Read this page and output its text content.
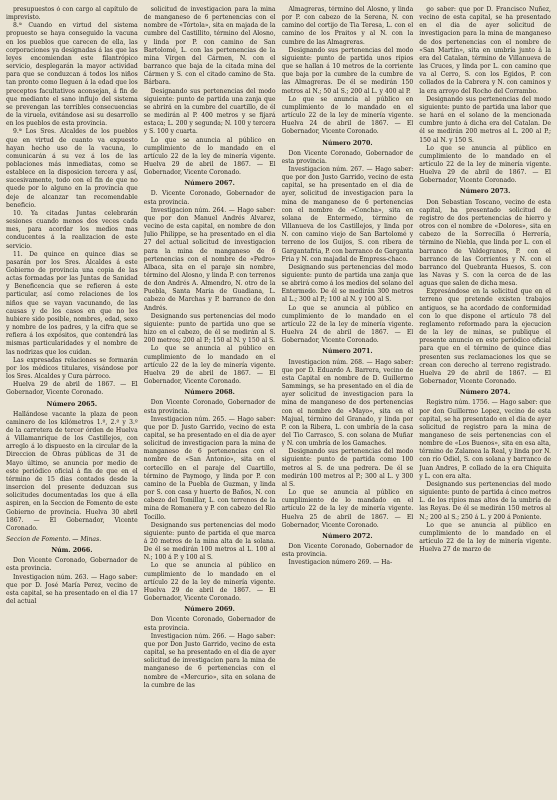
presupuestos ó con cargo al capítulo de imprevisto.

8.ª Cuando en virtud del sistema propuesto se haya conseguido la vacuna en los pueblos que carecen de ella, las corporaciones ya designadas á las que las leyes encomiendan este filantrópico servicio, desplegarán la mayor actividad para que se conduzcan á todos los niños tan pronto como lleguen á la edad que los preceptos facultativos aconsejan, á fin de que mediante el sano influjo del sistema se prevengan las terribles consecuencias de la viruela, evitándose asi su desarrollo en los pueblos de esta provincia.

9.ª Los Sres. Alcaldes de los pueblos que en virtud de cuanto va expuesto hayan hecho uso de la vacuna, lo comunicarán á su vez á los de las poblaciones más inmediatas, como se establece en la disposicion tercera y así, sucesivamente, todo con el fin de que no quede por lo alguno en la provincia que deje de alcanzar tan recomendable beneficio.

10. Ya citadas Juntas celebrarán sesiones cuando menos dos veces cada mes, para acordar los medios mas conducentes á la realizacion de este servicio.

11. De quince en quince dias se pasarán por los Sres. Alcaldes á este Gobierno de provincia una copia de las actas formadas por las Juntas de Sanidad y Beneficencia que se refieren á este particular, así como relaciones de los niños que se vayan vacunando, de las causas y de los casos en que no les hubiere sido posible, nombres, edad, sexo y nombre de los padres, y la cifra que se refiera á los expósitos, que contendrá las mismas particularidades y el nombre de las nodrizas que los cuidan.

Las expresadas relaciones se formarán por los médicos titulares, visándose por los Sres. Alcaldes y Cura párroco.

Huelva 29 de abril de 1867. — El Gobernador, Vicente Coronado.

Número 2065.

Hallándose vacante la plaza de peon caminero de los kilómetros 1.º, 2.º y 3.º de la carretera de tercer órden de Huelva á Villamanrique de los Castillejos, con arreglo á lo dispuesto en la circular de la Direccion de Obras públicas de 31 de Mayo último, se anuncia por medio de este periódico oficial á fin de que en el término de 15 dias contados desde la insercion del presente deduzcan sus solicitudes documentadas los que á ella aspiren, en la Seccion de Fomento de este Gobierno de provincia. Huelva 30 abril 1867. — El Gobernador, Vicente Coronado.

Seccion de Fomento. — Minas.

Núm. 2066.

Don Vicente Coronado, Gobernador de esta provincia.

Investigacion núm. 263. — Hago saber: que por D. José María Perez, vecino de esta capital, se ha presentado en el dia 17 del actual

solicitud de investigacion para la mina de manganeso de 6 pertenencias con el nombre de «Tórtola», sita en majada de la cumbre del Castillito, término del Alosno, y linda por P. con camino de San Bartolomé, L. con las pertenencias de la mina Vírgen del Cármen, N. con el barranco que baja de la citada mina del Cármen y S. con el citado camino de Sta. Bárbara.

Designando sus pertenencias del modo siguiente: punto de partida una zanja que se abrirá en la cumbre del cuartillo, de él se medirán al P. 400 metros y se fijará estaca; L. 200 y segunda; N. 100 y tercera y S. 100 y cuarta.

Lo que se anuncia al público en cumplimiento de lo mandado en el artículo 22 de la ley de minería vigente. Huelva 29 de abril de 1867. — El Gobernador, Vicente Coronado.

Número 2067.

D. Vicente Coronado, Gobernador de esta provincia.

Investigacion núm. 264. — Hago saber: que por don Manuel Andrés Alvarez, vecino de esta capital, en nombre de don Julio Philippe, se ha presentado en el dia 27 del actual solicitud de investigacion para la mina de manganeso de 6 pertenencias con el nombre de «Pedro» Albaca, sita en el paraje sin nombre, término del Alosno, y linda P. con terrenos de don Andrés A. Almendro, N. otro de la Puebla, Santa Maria de Guadiana, L. cabezo de Marchas y P. barranco de don Andrés.

Designando sus pertenencias del modo siguiente: punto de partida uno que se hizo en el cabezo, de él se medirán al S. 200 metros; 200 al P.; 150 al N. y 150 al S.

Lo que se anuncia al público en cumplimiento de lo mandado en el artículo 22 de la ley de minería vigente. Huelva 29 de abril de 1867. — El Gobernador, Vicente Coronado.

Número 2068.

Don Vicente Coronado, Gobernador de esta provincia.

Investigacion núm. 265. — Hago saber: que por D. Justo Garrido, vecino de esta capital, se ha presentado en el dia de ayer solicitud de investigacion para la mina de manganeso de 6 pertenencias con el nombre de «San Antonio», sita en el cortecillo en el paraje del Cuartillo, término de Paymogo, y linda por P. con camino de la Puebla de Guzman, y linda por S. con casa y huerto de Baños, N. con cabezo del Tomillar, L. con terrenos de la mina de Romanera y P. con cabezo del Rio Tocillo.

Designando sus pertenencias del modo siguiente: punto de partida el que marca á 20 metros de la mina alta de la solana. De él se medirán 100 metros al L. 100 al N.; 100 á P. y 100 al S.

Lo que se anuncia al público en cumplimiento de lo mandado en el artículo 22 de la ley de minería vigente. Huelva 29 de abril de 1867. — El Gobernador, Vicente Coronado.

Número 2069.

Don Vicente Coronado, Gobernador de esta provincia.

Investigacion núm. 266. — Hago saber: que por Don Justo Garrido, vecino de esta capital, se ha presentado en el dia de ayer solicitud de investigacion para la mina de manganeso de 6 pertenencias con el nombre de «Mercurio», sita en solana de la cumbre de las

Almagreras, término del Alosno, y linda por P. con cabezo de la Serena, N. con camino del cortijo de Tia Teresa, L. con el camino de los Praitos y al N. con la cumbre de las Almagreras.

Designando sus pertenencias del modo siguiente: punto de partida unos ripios que se hallan á 10 metros de la corriente que baja por la cumbre de la cumbre de las Almagreras. De él se medirán 150 metros al N.; 50 al S.; 200 al L. y 400 al P.

Lo que se anuncia al público en cumplimiento de lo mandado en el artículo 22 de la ley de minería vigente. Huelva 24 de abril de 1867. — El Gobernador, Vicente Coronado.

Número 2070.

Don Vicente Coronado, Gobernador de esta provincia.

Investigacion núm. 267. — Hago saber: que por don Justo Garrido, vecino de esta capital, se ha presentado en el dia de ayer, solicitud de investigacion para la mina de manganeso de 6 pertenencias con el nombre de «Concha», sita en solana de Entermedo, término de Villanueva de los Castillejos, y linda por N. con camino viejo de San Bartolomé y terreno de los Guijos, S. con ribera de Gargantafria, P. con barranco de Garganta Fria y N. con majadal de Empress-chaco.

Designando sus pertenencias del modo siguiente: punto de partida una zanja que se abrirá como á los medios del solano del Entermedo. De él se medirán 300 metros al L.; 300 al P.; 100 al N. y 100 al S.

Lo que se anuncia al público en cumplimiento de lo mandado en el artículo 22 de la ley de minería vigente. Huelva 24 de abril de 1867. — El Gobernador, Vicente Coronado.

Número 2071.

Investigacion núm. 268. — Hago saber: que por D. Eduardo A. Barrera, vecino de esta Capital en nombre de D. Guillermo Sammings, se ha presentado en el dia de ayer solicitud de investigacion para la mina de manganeso de dos pertenencias con el nombre de «Mayo», sita en el Majual, término del Granado, y linda por P. con la Ribera, L. con umbría de la casa del Tio Carrasco, S. con solana de Muñar y N. con umbría de los Gamaches.

Designando sus pertenencias del modo siguiente: punto de partida como 100 metros al S. de una pedrera. De él se medirán 100 metros al P.; 300 al L. y 300 al S.

Lo que se anuncia al público en cumplimiento de lo mandado en el artículo 22 de la ley de minería vigente. Huelva 25 de abril de 1867. — El Gobernador, Vicente Coronado.

Número 2072.

Don Vicente Coronado, Gobernador de esta provincia.

Investigacion número 269. — Ha-

go saber: que por D. Francisco Nuñez, vecino de esta capital, se ha presentado en el dia de ayer solicitud de investigacion para la mina de manganeso de dos pertenencias con el nombre de «San Martín», sita en umbría junto á la era del Catalan, término de Villanueva de las Cruces, y linda por L. con camino que va al Cerro, S. con los Egidos, P. con collados de la Cabrera y N. con caminos y la era arroyo del Rocho del Corrambo.

Designando sus pertenencias del modo siguiente: punto de partida una labor que se hará en el solano de la mencionada cumbre junto á dicha era del Catalan. De él se medirán 200 metros al L. 200 al P.; 150 al N. y 150 S.

Lo que se anuncia al público en cumplimiento de lo mandado en el artículo 22 de la ley de minería vigente. Huelva 29 de abril de 1867. — El Gobernador, Vicente Coronado.

Número 2073.

Don Sebastian Toscano, vecino de esta capital, ha presentado solicitud de registro de dos pertenencias de hierro y otros con el nombre de «Dolores», sita en cabezo de la Sorrecilla ó Herrería, término de Niebla, que linda por L. con el barranco de Valdegranos, P. con el barranco de las Corrientes y N. con el barranco del Quebranta Huesos, S. con las Navas y S. con la cerca de de las aguas que salen de dicha mesa.

Expresándose en la solicitud que en el terreno que pretende existen trabajos antiguos, se ha acordado de conformidad con lo que dispone el artículo 78 del reglamento reformado para la ejecucion de la ley de minas, se publique el presente anuncio en este periódico oficial para que en el término de quince dias presenten sus reclamaciones los que se crean con derecho al terreno registrado. Huelva 29 de abril de 1867. — El Gobernador, Vicente Coronado.

Número 2074.

Registro núm. 1756. — Hago saber: que por don Guillermo Lopez, vecino de esta capital, se ha presentado en el dia de ayer solicitud de registro para la mina de manganeso de seis pertenencias con el nombre de «Los Buenos», sita en esa alta, término de Zalamea la Real, y linda por N. con río Odiel, S. con solana y barranco de Juan Andres, P. collado de la era Chiquita y L. con era alta.

Designando sus pertenencias del modo siguiente: punto de partida á cinco metros L. de los ripios mas altos de la umbría de las Reyas. De él se medirán 150 metros al N.; 200 al S.; 250 á L. y 200 á Poniente.

Lo que se anuncia al público en cumplimiento de lo mandado en el artículo 22 de la ley de minería vigente. Huelva 27 de marzo de
